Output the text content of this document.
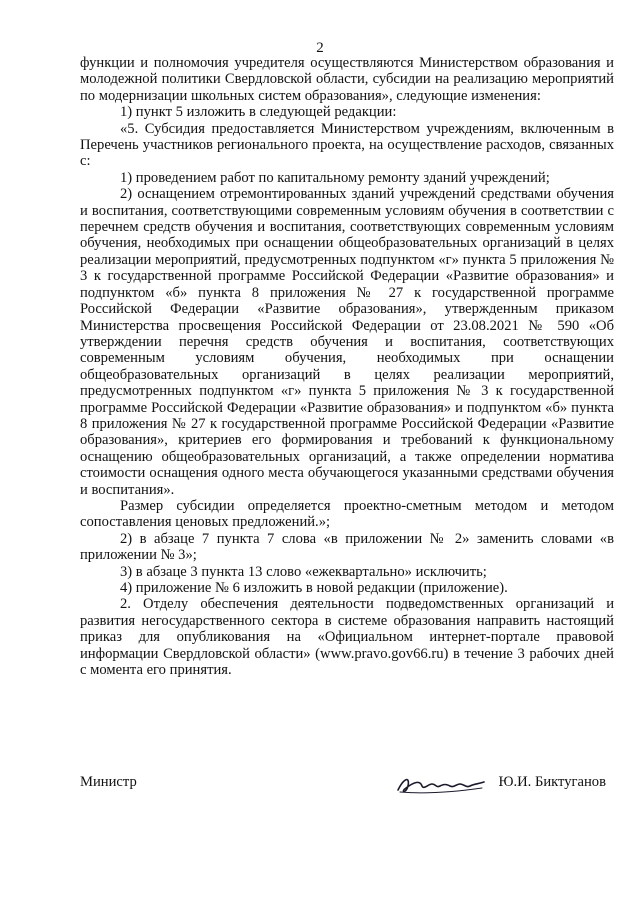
2

функции и полномочия учредителя осуществляются Министерством образования и молодежной политики Свердловской области, субсидии на реализацию мероприятий по модернизации школьных систем образования», следующие изменения:

1) пункт 5 изложить в следующей редакции:

«5. Субсидия предоставляется Министерством учреждениям, включенным в Перечень участников регионального проекта, на осуществление расходов, связанных с:

1) проведением работ по капитальному ремонту зданий учреждений;

2) оснащением отремонтированных зданий учреждений средствами обучения и воспитания, соответствующими современным условиям обучения в соответствии с перечнем средств обучения и воспитания, соответствующих современным условиям обучения, необходимых при оснащении общеобразовательных организаций в целях реализации мероприятий, предусмотренных подпунктом «г» пункта 5 приложения № 3 к государственной программе Российской Федерации «Развитие образования» и подпунктом «б» пункта 8 приложения № 27 к государственной программе Российской Федерации «Развитие образования», утвержденным приказом Министерства просвещения Российской Федерации от 23.08.2021 № 590 «Об утверждении перечня средств обучения и воспитания, соответствующих современным условиям обучения, необходимых при оснащении общеобразовательных организаций в целях реализации мероприятий, предусмотренных подпунктом «г» пункта 5 приложения № 3 к государственной программе Российской Федерации «Развитие образования» и подпунктом «б» пункта 8 приложения № 27 к государственной программе Российской Федерации «Развитие образования», критериев его формирования и требований к функциональному оснащению общеобразовательных организаций, а также определении норматива стоимости оснащения одного места обучающегося указанными средствами обучения и воспитания».

Размер субсидии определяется проектно-сметным методом и методом сопоставления ценовых предложений.»;

2) в абзаце 7 пункта 7 слова «в приложении № 2» заменить словами «в приложении № 3»;

3) в абзаце 3 пункта 13 слово «ежеквартально» исключить;

4) приложение № 6 изложить в новой редакции (приложение).

2. Отделу обеспечения деятельности подведомственных организаций и развития негосударственного сектора в системе образования направить настоящий приказ для опубликования на «Официальном интернет-портале правовой информации Свердловской области» (www.pravo.gov66.ru) в течение 3 рабочих дней с момента его принятия.

Министр	Ю.И. Биктуганов
